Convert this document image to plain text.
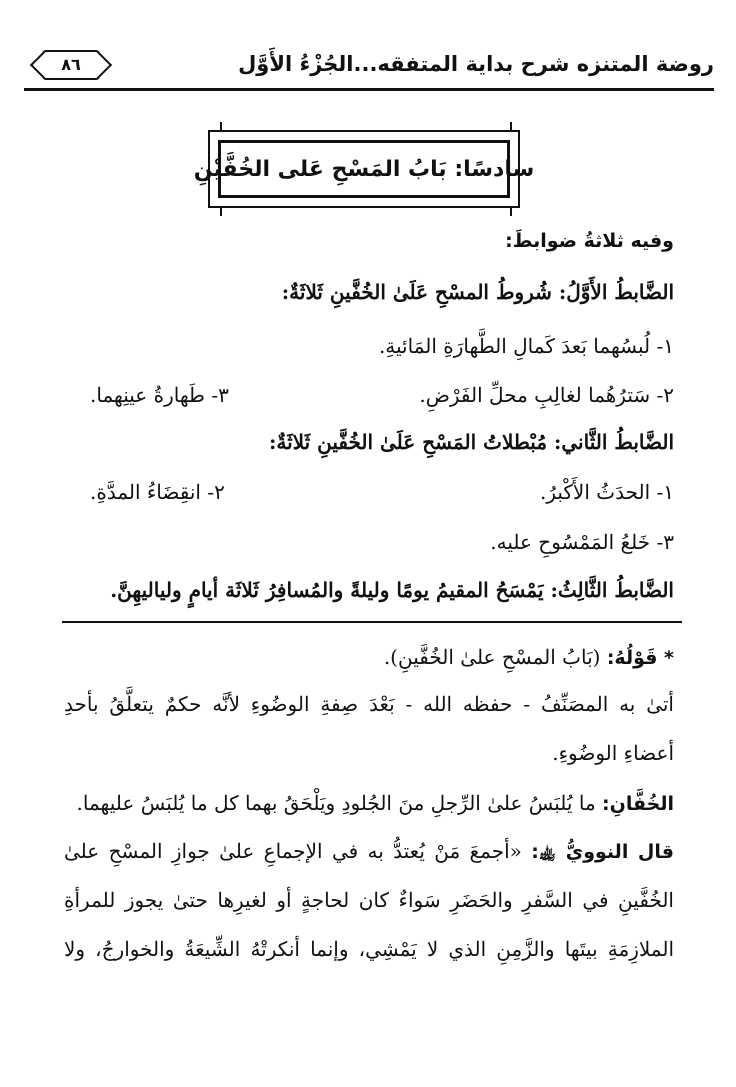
روضة المتنزه شرح بداية المتفقه...الجُزْءُ الأَوَّل
٨٦
سادسًا: بَابُ المَسْحِ عَلى الخُفَّيْنِ
وفيه ثلاثةُ ضوابطَ:
الضَّابطُ الأَوَّلُ: شُروطُ المسْحِ عَلَىٰ الخُفَّينِ ثَلاثَةٌ:
١- لُبسُهما بَعدَ كَمالِ الطَّهارَةِ المَائيةِ.
٢- سَترُهُما لغالِبِ محلِّ الفَرْضِ.
٣- طَهارةُ عينِهما.
الضَّابطُ الثَّاني: مُبْطلاتُ المَسْحِ عَلَىٰ الخُفَّينِ ثَلاثَةٌ:
١- الحدَثُ الأَكْبرُ.
٢- انقِضَاءُ المدَّةِ.
٣- خَلعُ المَمْسُوحِ عليه.
الضَّابطُ الثَّالِثُ: يَمْسَحُ المقيمُ يومًا وليلةً والمُسافِرُ ثَلاثَة أيامٍ ولياليهِنَّ.
* قَوْلُهُ: (بَابُ المسْحِ علىٰ الخُفَّينِ).
أتىٰ به المصَنِّفُ - حفظه الله - بَعْدَ صِفةِ الوضُوءِ لأنَّه حكمٌ يتعلَّقُ بأحدِ
أعضاءِ الوضُوءِ.
الخُفَّانِ: ما يُلبَسُ علىٰ الرِّجلِ منَ الجُلودِ ويَلْحَقُ بهما كل ما يُلبَسُ عليهما.
قال النوويُّ ﵀: «أجمعَ مَنْ يُعتدُّ به في الإجماعِ علىٰ جوازِ المسْحِ علىٰ
الخُفَّينِ في السَّفرِ والحَضَرِ سَواءٌ كان لحاجةٍ أو لغيرِها حتىٰ يجوز للمرأةِ
الملازِمَةِ بيتَها والزَّمِنِ الذي لا يَمْشِي، وإنما أنكرتْهُ الشِّيعَةُ والخوارجُ، ولا
